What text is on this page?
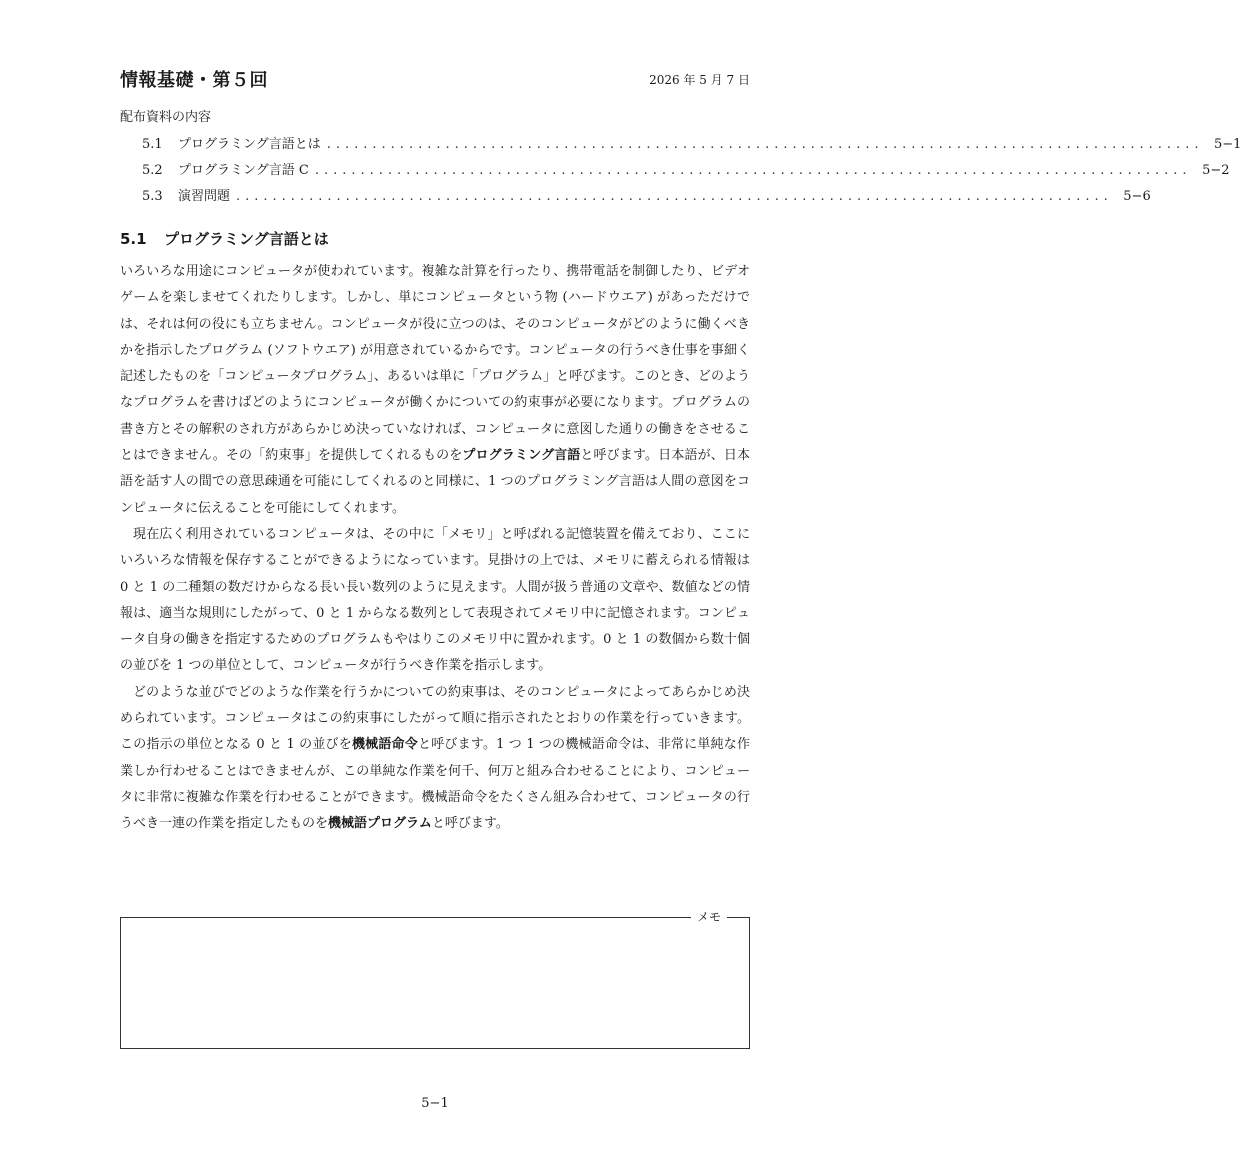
情報基礎・第５回	2026 年 5 月 7 日
配布資料の内容
5.1 プログラミング言語とは ................................................................................................ 5−1
5.2 プログラミング言語 C ................................................................................................ 5−2
5.3 演習問題 ................................................................................................ 5−6
5.1 プログラミング言語とは

いろいろな用途にコンピュータが使われています。複雑な計算を行ったり、携帯電話を制御したり、ビデオゲームを楽しませてくれたりします。しかし、単にコンピュータという物 (ハードウエア) があっただけでは、それは何の役にも立ちません。コンピュータが役に立つのは、そのコンピュータがどのように働くべきかを指示したプログラム (ソフトウエア) が用意されているからです。コンピュータの行うべき仕事を事細く記述したものを「コンピュータプログラム」、あるいは単に「プログラム」と呼びます。このとき、どのようなプログラムを書けばどのようにコンピュータが働くかについての約束事が必要になります。プログラムの書き方とその解釈のされ方があらかじめ決っていなければ、コンピュータに意図した通りの働きをさせることはできません。その「約束事」を提供してくれるものをプログラミング言語と呼びます。日本語が、日本語を話す人の間での意思疎通を可能にしてくれるのと同様に、1 つのプログラミング言語は人間の意図をコンピュータに伝えることを可能にしてくれます。

現在広く利用されているコンピュータは、その中に「メモリ」と呼ばれる記憶装置を備えており、ここにいろいろな情報を保存することができるようになっています。見掛けの上では、メモリに蓄えられる情報は 0 と 1 の二種類の数だけからなる長い長い数列のように見えます。人間が扱う普通の文章や、数値などの情報は、適当な規則にしたがって、0 と 1 からなる数列として表現されてメモリ中に記憶されます。コンピュータ自身の働きを指定するためのプログラムもやはりこのメモリ中に置かれます。0 と 1 の数個から数十個の並びを 1 つの単位として、コンピュータが行うべき作業を指示します。

どのような並びでどのような作業を行うかについての約束事は、そのコンピュータによってあらかじめ決められています。コンピュータはこの約束事にしたがって順に指示されたとおりの作業を行っていきます。この指示の単位となる 0 と 1 の並びを機械語命令と呼びます。1 つ 1 つの機械語命令は、非常に単純な作業しか行わせることはできませんが、この単純な作業を何千、何万と組み合わせることにより、コンピュータに非常に複雑な作業を行わせることができます。機械語命令をたくさん組み合わせて、コンピュータの行うべき一連の作業を指定したものを機械語プログラムと呼びます。

メモ
5−1
